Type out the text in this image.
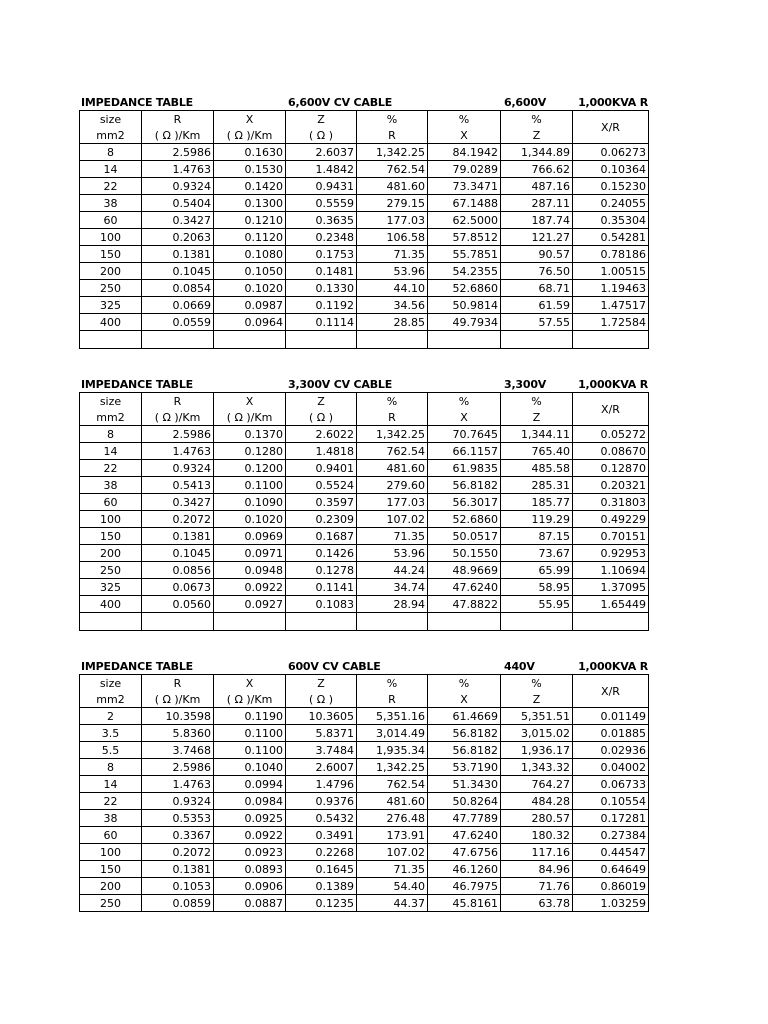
IMPEDANCE TABLE	6,600V CV CABLE	6,600V	1,000KVA R
size	R	X	Z	%	%	%	X/R
mm2	( Ω )/Km	( Ω )/Km	( Ω )	R	X	Z	
8	2.5986	0.1630	2.6037	1,342.25	84.1942	1,344.89	0.06273
14	1.4763	0.1530	1.4842	762.54	79.0289	766.62	0.10364
22	0.9324	0.1420	0.9431	481.60	73.3471	487.16	0.15230
38	0.5404	0.1300	0.5559	279.15	67.1488	287.11	0.24055
60	0.3427	0.1210	0.3635	177.03	62.5000	187.74	0.35304
100	0.2063	0.1120	0.2348	106.58	57.8512	121.27	0.54281
150	0.1381	0.1080	0.1753	71.35	55.7851	90.57	0.78186
200	0.1045	0.1050	0.1481	53.96	54.2355	76.50	1.00515
250	0.0854	0.1020	0.1330	44.10	52.6860	68.71	1.19463
325	0.0669	0.0987	0.1192	34.56	50.9814	61.59	1.47517
400	0.0559	0.0964	0.1114	28.85	49.7934	57.55	1.72584

IMPEDANCE TABLE	3,300V CV CABLE	3,300V	1,000KVA R
size	R	X	Z	%	%	%	X/R
mm2	( Ω )/Km	( Ω )/Km	( Ω )	R	X	Z	
8	2.5986	0.1370	2.6022	1,342.25	70.7645	1,344.11	0.05272
14	1.4763	0.1280	1.4818	762.54	66.1157	765.40	0.08670
22	0.9324	0.1200	0.9401	481.60	61.9835	485.58	0.12870
38	0.5413	0.1100	0.5524	279.60	56.8182	285.31	0.20321
60	0.3427	0.1090	0.3597	177.03	56.3017	185.77	0.31803
100	0.2072	0.1020	0.2309	107.02	52.6860	119.29	0.49229
150	0.1381	0.0969	0.1687	71.35	50.0517	87.15	0.70151
200	0.1045	0.0971	0.1426	53.96	50.1550	73.67	0.92953
250	0.0856	0.0948	0.1278	44.24	48.9669	65.99	1.10694
325	0.0673	0.0922	0.1141	34.74	47.6240	58.95	1.37095
400	0.0560	0.0927	0.1083	28.94	47.8822	55.95	1.65449

IMPEDANCE TABLE	600V CV CABLE	440V	1,000KVA R
size	R	X	Z	%	%	%	X/R
mm2	( Ω )/Km	( Ω )/Km	( Ω )	R	X	Z	
2	10.3598	0.1190	10.3605	5,351.16	61.4669	5,351.51	0.01149
3.5	5.8360	0.1100	5.8371	3,014.49	56.8182	3,015.02	0.01885
5.5	3.7468	0.1100	3.7484	1,935.34	56.8182	1,936.17	0.02936
8	2.5986	0.1040	2.6007	1,342.25	53.7190	1,343.32	0.04002
14	1.4763	0.0994	1.4796	762.54	51.3430	764.27	0.06733
22	0.9324	0.0984	0.9376	481.60	50.8264	484.28	0.10554
38	0.5353	0.0925	0.5432	276.48	47.7789	280.57	0.17281
60	0.3367	0.0922	0.3491	173.91	47.6240	180.32	0.27384
100	0.2072	0.0923	0.2268	107.02	47.6756	117.16	0.44547
150	0.1381	0.0893	0.1645	71.35	46.1260	84.96	0.64649
200	0.1053	0.0906	0.1389	54.40	46.7975	71.76	0.86019
250	0.0859	0.0887	0.1235	44.37	45.8161	63.78	1.03259
